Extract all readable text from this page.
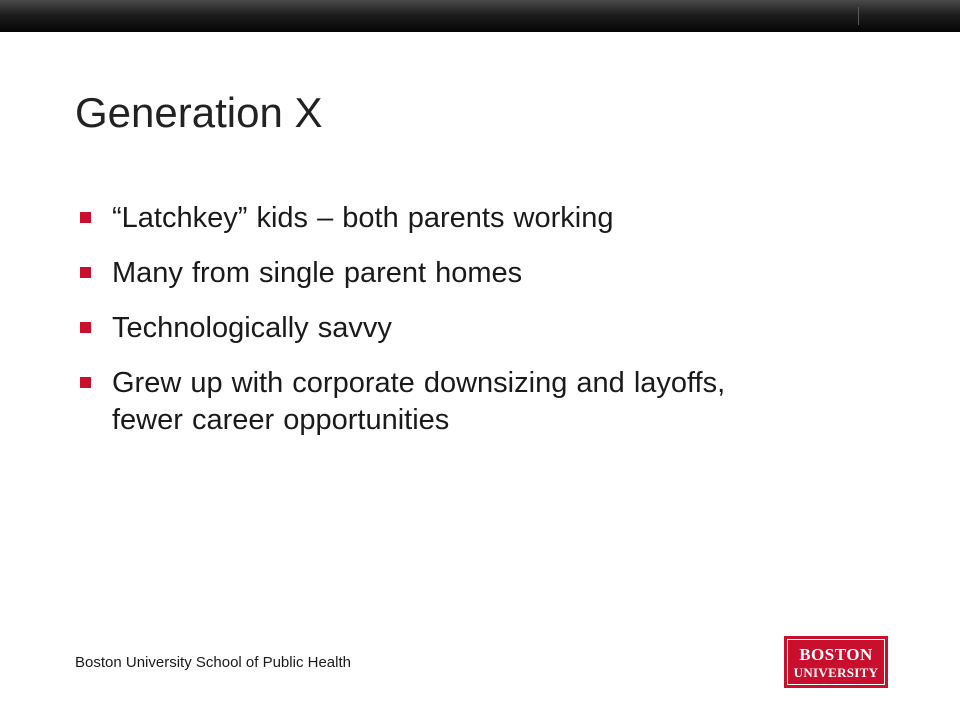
Generation X
“Latchkey” kids – both parents working
Many from single parent homes
Technologically savvy
Grew up with corporate downsizing and layoffs, fewer career opportunities
Boston University School of Public Health	BOSTON
UNIVERSITY
